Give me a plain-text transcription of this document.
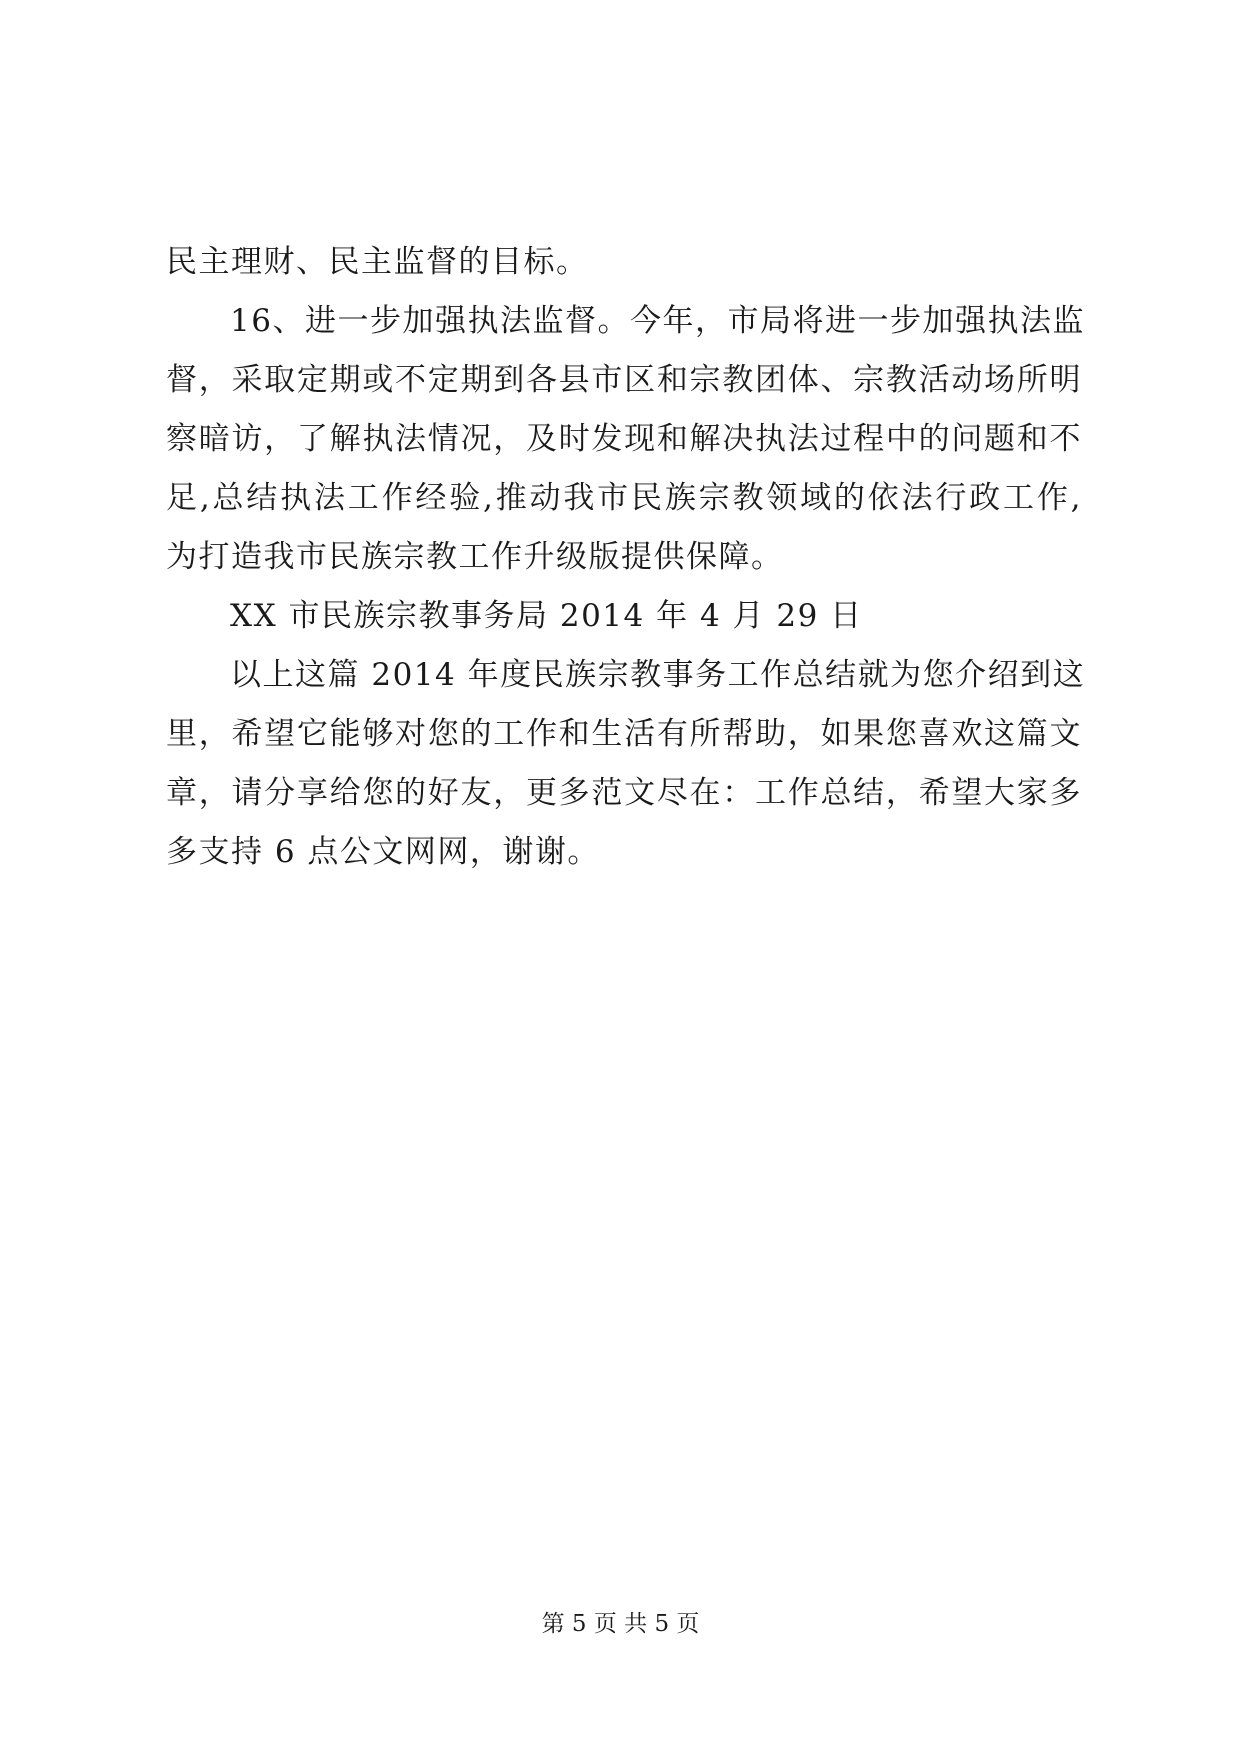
民主理财、民主监督的目标。
16、进一步加强执法监督。今年，市局将进一步加强执法监
督，采取定期或不定期到各县市区和宗教团体、宗教活动场所明
察暗访，了解执法情况，及时发现和解决执法过程中的问题和不
足,总结执法工作经验,推动我市民族宗教领域的依法行政工作,
为打造我市民族宗教工作升级版提供保障。
XX 市民族宗教事务局 2014 年 4 月 29 日
以上这篇 2014 年度民族宗教事务工作总结就为您介绍到这
里，希望它能够对您的工作和生活有所帮助，如果您喜欢这篇文
章，请分享给您的好友，更多范文尽在：工作总结，希望大家多
多支持 6 点公文网网，谢谢。
第 5 页 共 5 页
